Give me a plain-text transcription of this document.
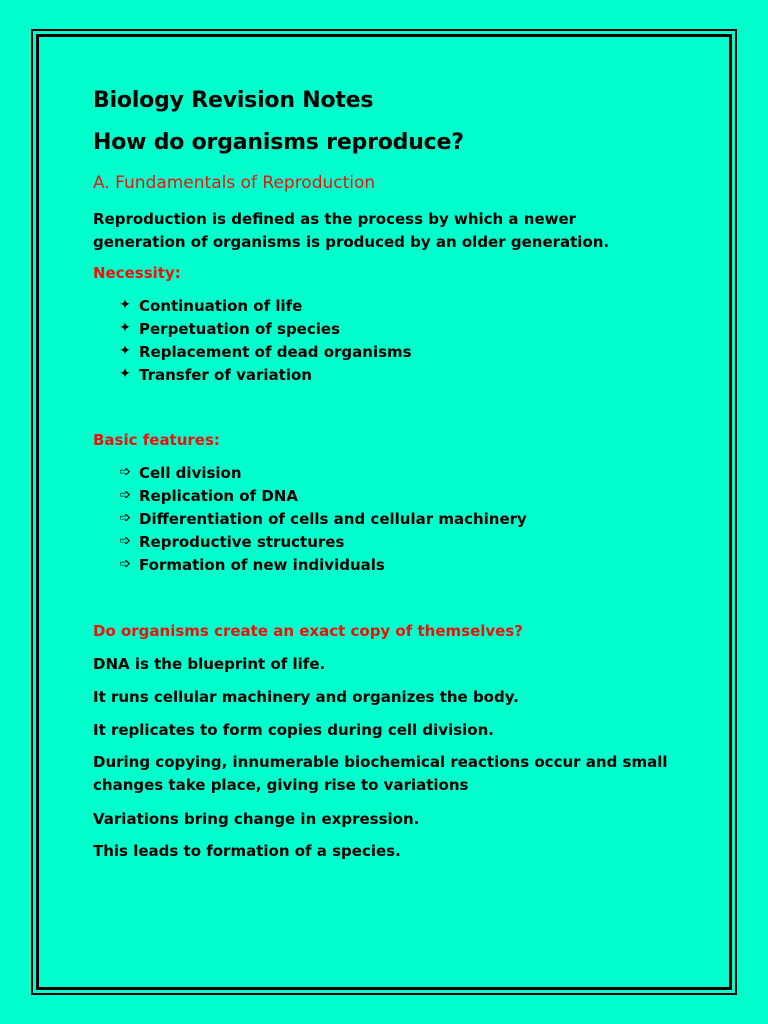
Biology Revision Notes
How do organisms reproduce?
A. Fundamentals of Reproduction
Reproduction is defined as the process by which a newer generation of organisms is produced by an older generation.
Necessity:
✦ Continuation of life
✦ Perpetuation of species
✦ Replacement of dead organisms
✦ Transfer of variation
Basic features:
➩ Cell division
➩ Replication of DNA
➩ Differentiation of cells and cellular machinery
➩ Reproductive structures
➩ Formation of new individuals
Do organisms create an exact copy of themselves?
DNA is the blueprint of life.
It runs cellular machinery and organizes the body.
It replicates to form copies during cell division.
During copying, innumerable biochemical reactions occur and small changes take place, giving rise to variations
Variations bring change in expression.
This leads to formation of a species.
